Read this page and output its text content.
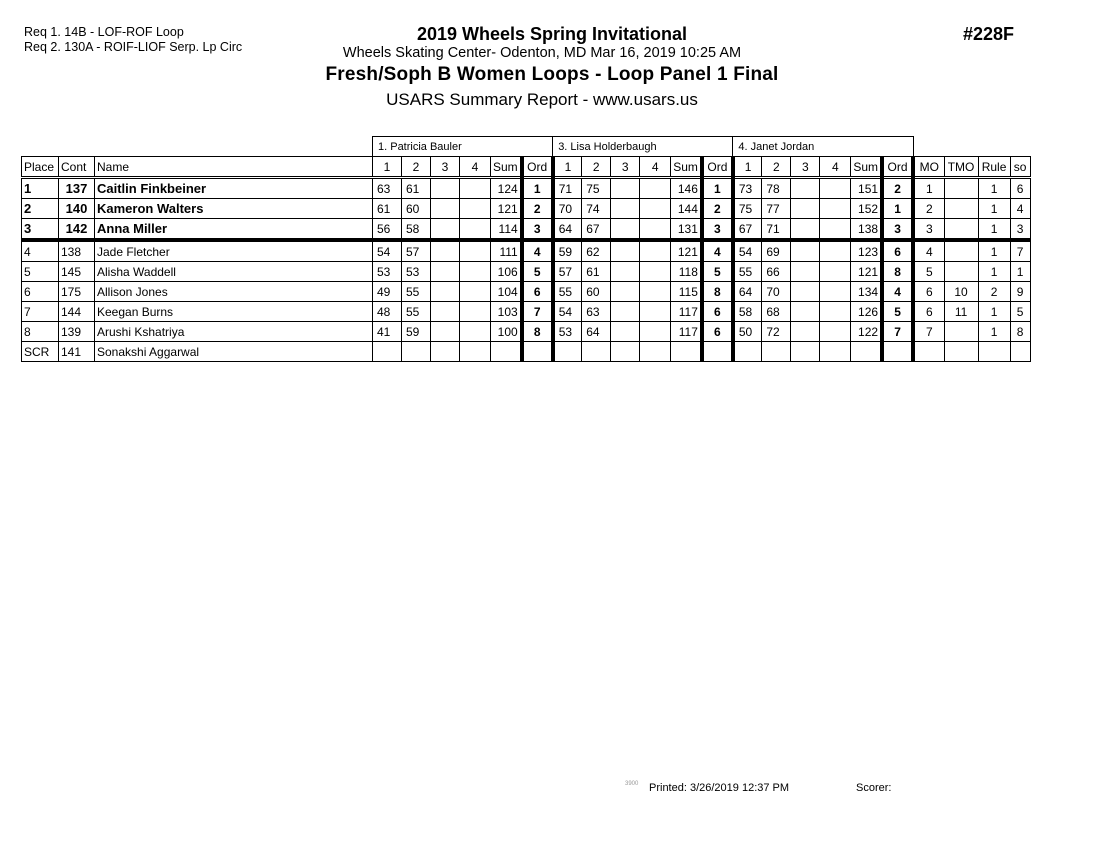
Req 1. 14B - LOF-ROF Loop
Req 2. 130A - ROIF-LIOF Serp. Lp Circ
2019 Wheels Spring Invitational
Wheels Skating Center- Odenton, MD Mar 16, 2019 10:25 AM
Fresh/Soph B Women Loops - Loop Panel 1 Final
USARS Summary Report - www.usars.us
#228F
			1. Patricia Bauler						3. Lisa Holderbaugh						4. Janet Jordan									
Place	Cont	Name	1	2	3	4	Sum	Ord	1	2	3	4	Sum	Ord	1	2	3	4	Sum	Ord	MO	TMO	Rule	so
1	137	Caitlin Finkbeiner	63	61			124	1	71	75			146	1	73	78			151	2	1		1	6
2	140	Kameron Walters	61	60			121	2	70	74			144	2	75	77			152	1	2		1	4
3	142	Anna Miller	56	58			114	3	64	67			131	3	67	71			138	3	3		1	3
4	138	Jade Fletcher	54	57			111	4	59	62			121	4	54	69			123	6	4		1	7
5	145	Alisha Waddell	53	53			106	5	57	61			118	5	55	66			121	8	5		1	1
6	175	Allison Jones	49	55			104	6	55	60			115	8	64	70			134	4	6	10	2	9
7	144	Keegan Burns	48	55			103	7	54	63			117	6	58	68			126	5	6	11	1	5
8	139	Arushi Kshatriya	41	59			100	8	53	64			117	6	50	72			122	7	7		1	8
SCR	141	Sonakshi Aggarwal																						
3900 Printed: 3/26/2019 12:37 PM	Scorer:
